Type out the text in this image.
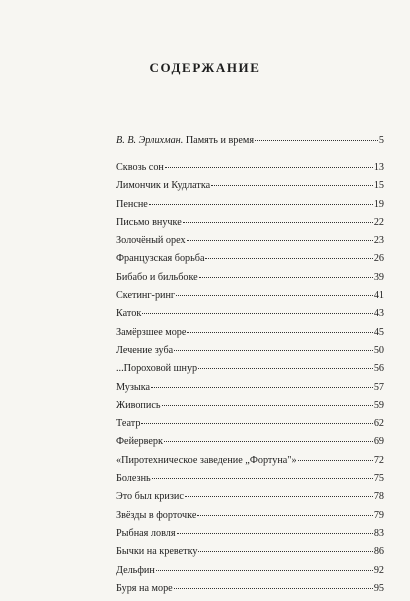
СОДЕРЖАНИЕ
В. В. Эрлихман. Память и время	5
Сквозь сон	13
Лимончик и Кудлатка	15
Пенсне	19
Письмо внучке	22
Золочёный орех	23
Французская борьба	26
Бибабо и бильбоке	39
Скетинг-ринг	41
Каток	43
Замёрзшее море	45
Лечение зуба	50
...Пороховой шнур	56
Музыка	57
Живопись	59
Театр	62
Фейерверк	69
«Пиротехническое заведение „Фортуна"»	72
Болезнь	75
Это был кризис	78
Звёзды в форточке	79
Рыбная ловля	83
Бычки на креветку	86
Дельфин	92
Буря на море	95
